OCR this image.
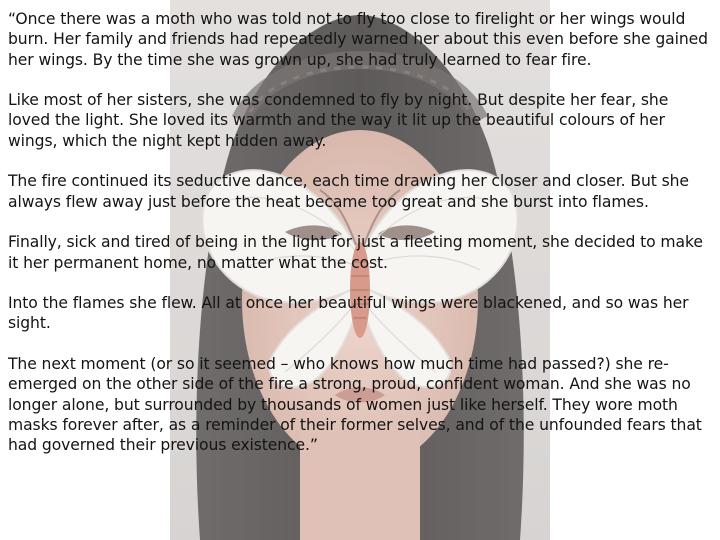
“Once there was a moth who was told not to fly too close to firelight or her wings would burn. Her family and friends had repeatedly warned her about this even before she gained her wings. By the time she was grown up, she had truly learned to fear fire.

Like most of her sisters, she was condemned to fly by night. But despite her fear, she loved the light. She loved its warmth and the way it lit up the beautiful colours of her wings, which the night kept hidden away.

The fire continued its seductive dance, each time drawing her closer and closer. But she always flew away just before the heat became too great and she burst into flames.

Finally, sick and tired of being in the light for just a fleeting moment, she decided to make it her permanent home, no matter what the cost.

Into the flames she flew. All at once her beautiful wings were blackened, and so was her sight.

The next moment (or so it seemed – who knows how much time had passed?) she re-emerged on the other side of the fire a strong, proud, confident woman. And she was no longer alone, but surrounded by thousands of women just like herself. They wore moth masks forever after, as a reminder of their former selves, and of the unfounded fears that had governed their previous existence.”
